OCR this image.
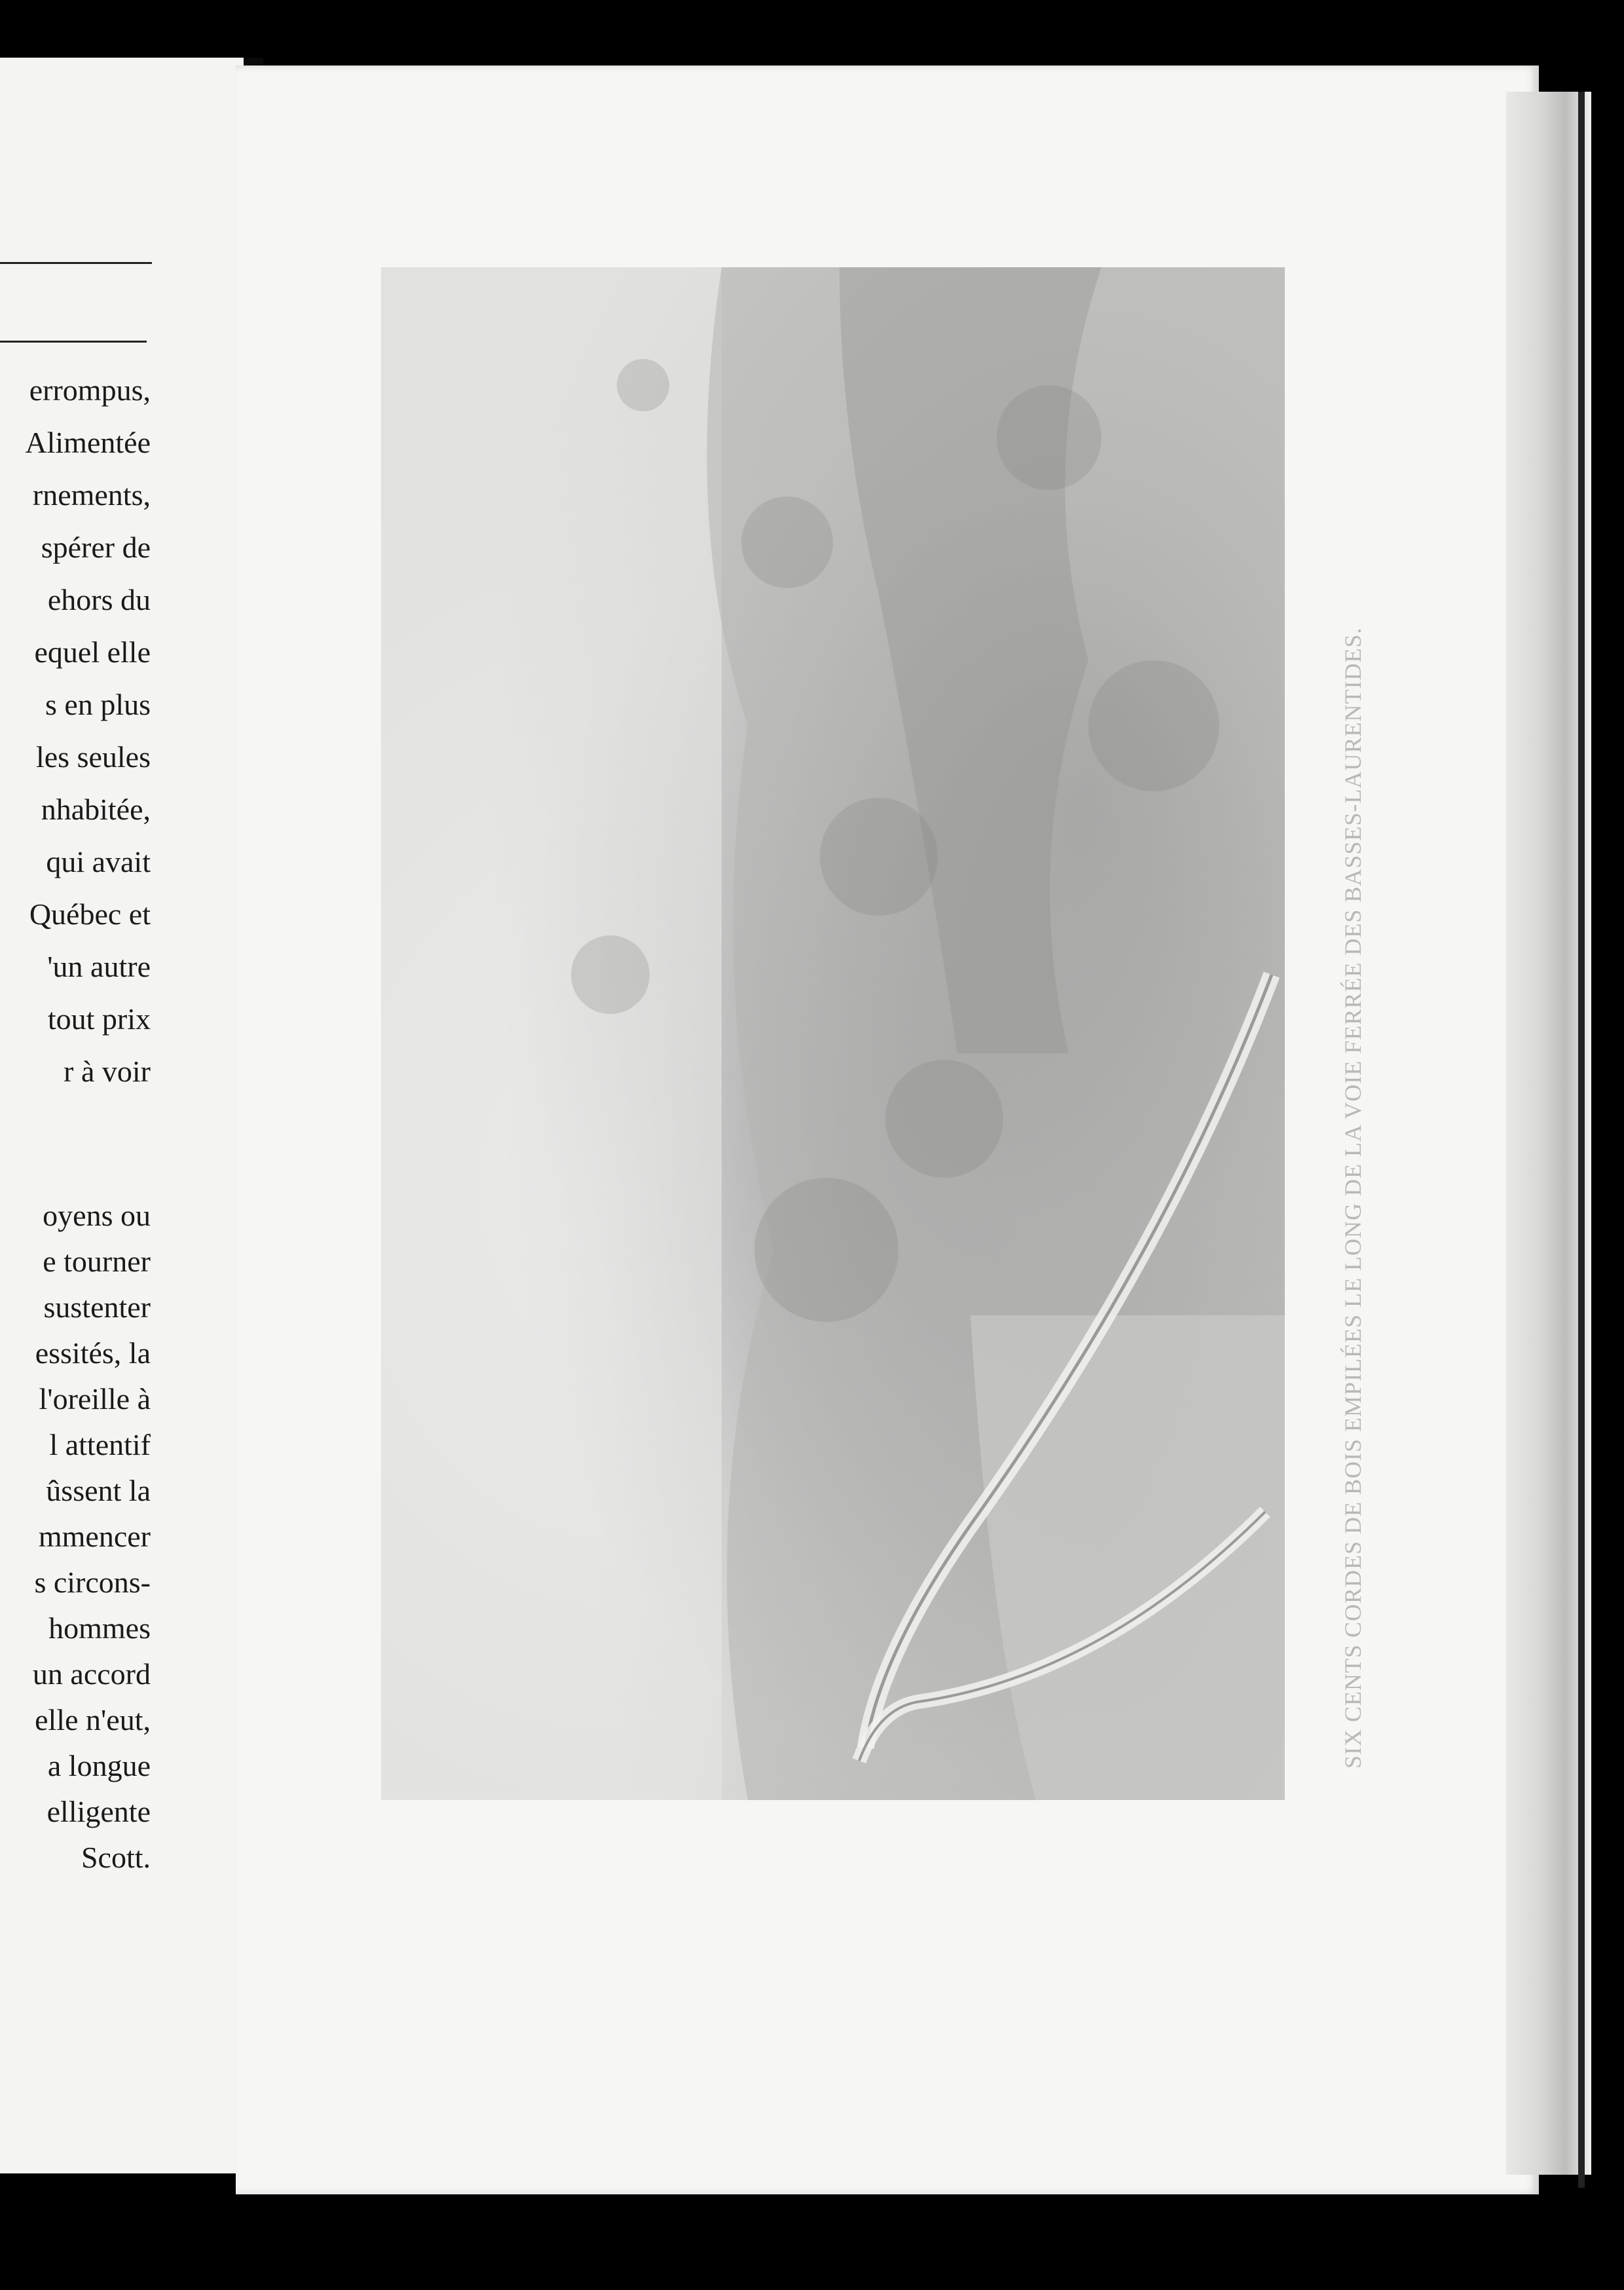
errompus,
Alimentée
rnements,
spérer de
ehors du
equel elle
s en plus
les seules
nhabitée,
qui avait
Québec et
'un autre
tout prix
r à voir
oyens ou
e tourner
sustenter
essités, la
l'oreille à
l attentif
ûssent la
mmencer
s circons-
hommes
un accord
elle n'eut,
a longue
elligente
Scott.
SIX CENTS CORDES DE BOIS EMPILÉES LE LONG DE LA VOIE FERRÉE DES BASSES-LAURENTIDES.
